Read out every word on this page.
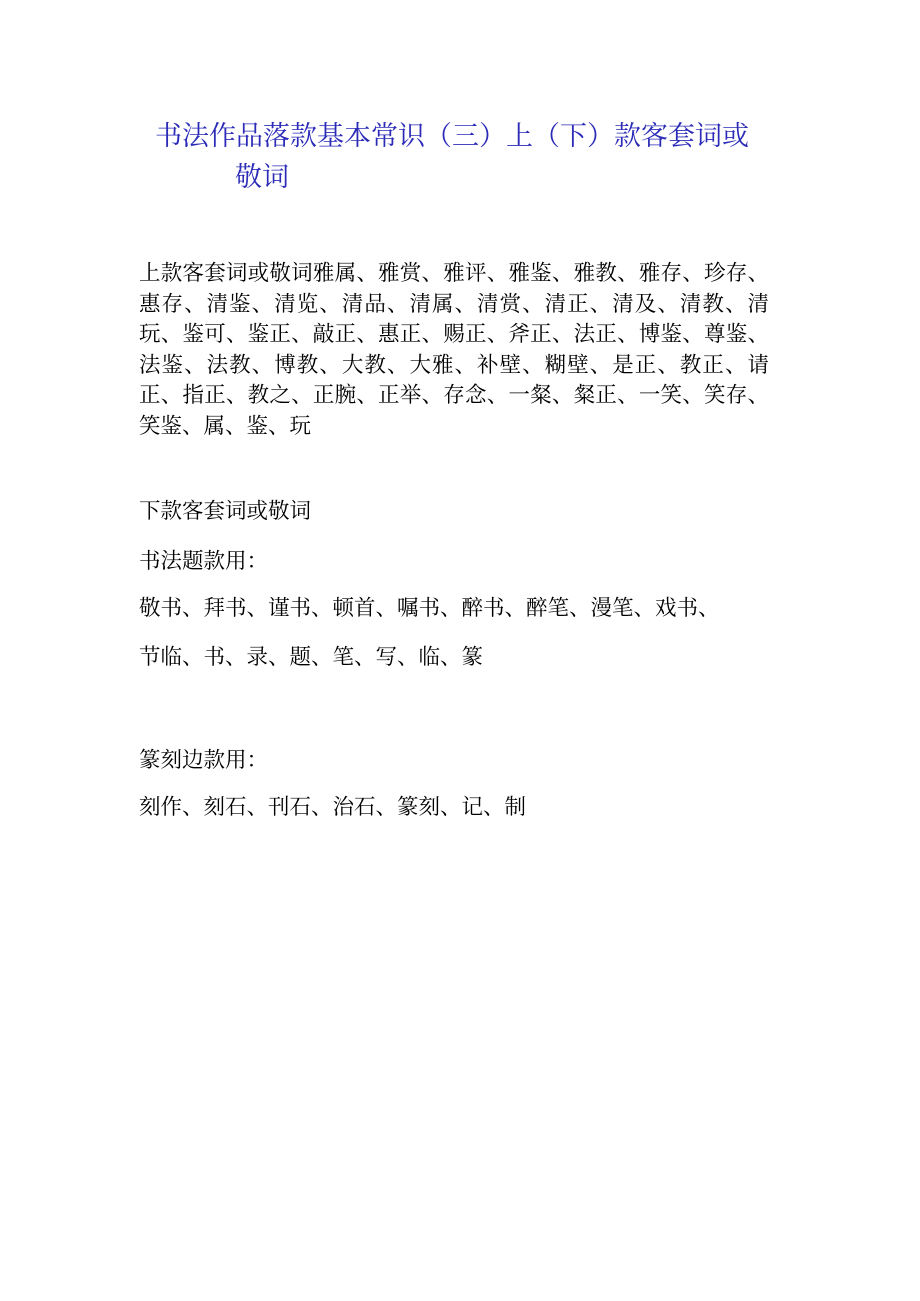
书法作品落款基本常识（三）上（下）款客套词或
敬词

上款客套词或敬词雅属、雅赏、雅评、雅鉴、雅教、雅存、珍存、惠存、清鉴、清览、清品、清属、清赏、清正、清及、清教、清玩、鉴可、鉴正、敲正、惠正、赐正、斧正、法正、博鉴、尊鉴、法鉴、法教、博教、大教、大雅、补壁、糊壁、是正、教正、请正、指正、教之、正腕、正举、存念、一粲、粲正、一笑、笑存、笑鉴、属、鉴、玩

下款客套词或敬词

书法题款用：

敬书、拜书、谨书、顿首、嘱书、醉书、醉笔、漫笔、戏书、

节临、书、录、题、笔、写、临、篆

篆刻边款用：

刻作、刻石、刊石、治石、篆刻、记、制
